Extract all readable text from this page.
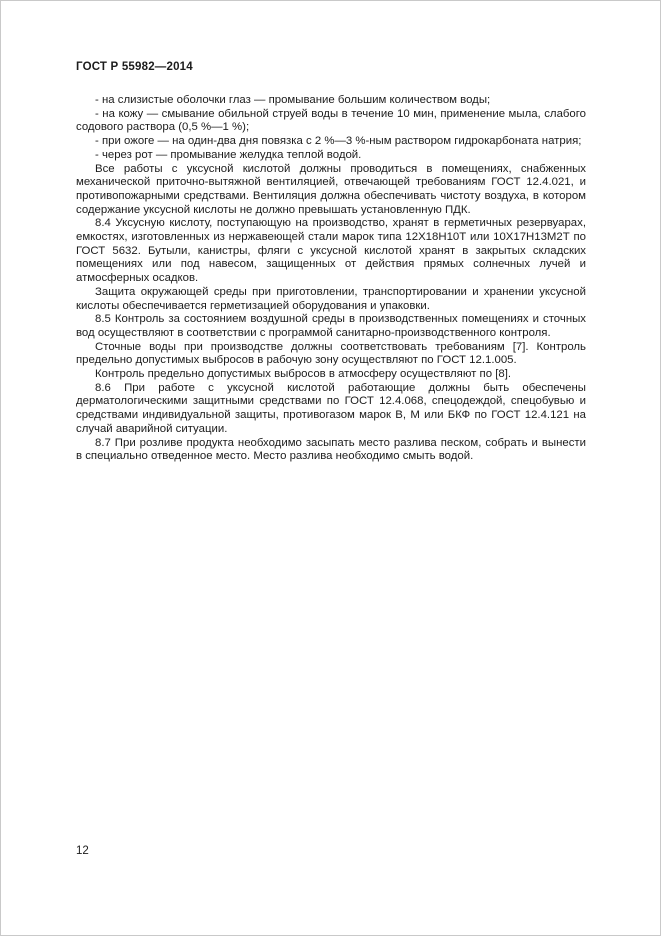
ГОСТ Р 55982—2014

- на слизистые оболочки глаз — промывание большим количеством воды;

- на кожу — смывание обильной струей воды в течение 10 мин, применение мыла, слабого содового раствора (0,5 %—1 %);

- при ожоге — на один-два дня повязка с 2 %—3 %-ным раствором гидрокарбоната натрия;

- через рот — промывание желудка теплой водой.

Все работы с уксусной кислотой должны проводиться в помещениях, снабженных механической приточно-вытяжной вентиляцией, отвечающей требованиям ГОСТ 12.4.021, и противопожарными средствами. Вентиляция должна обеспечивать чистоту воздуха, в котором содержание уксусной кислоты не должно превышать установленную ПДК.

8.4 Уксусную кислоту, поступающую на производство, хранят в герметичных резервуарах, емкостях, изготовленных из нержавеющей стали марок типа 12Х18Н10Т или 10Х17Н13М2Т по ГОСТ 5632. Бутыли, канистры, фляги с уксусной кислотой хранят в закрытых складских помещениях или под навесом, защищенных от действия прямых солнечных лучей и атмосферных осадков.

Защита окружающей среды при приготовлении, транспортировании и хранении уксусной кислоты обеспечивается герметизацией оборудования и упаковки.

8.5 Контроль за состоянием воздушной среды в производственных помещениях и сточных вод осуществляют в соответствии с программой санитарно-производственного контроля.

Сточные воды при производстве должны соответствовать требованиям [7]. Контроль предельно допустимых выбросов в рабочую зону осуществляют по ГОСТ 12.1.005.

Контроль предельно допустимых выбросов в атмосферу осуществляют по [8].

8.6 При работе с уксусной кислотой работающие должны быть обеспечены дерматологическими защитными средствами по ГОСТ 12.4.068, спецодеждой, спецобувью и средствами индивидуальной защиты, противогазом марок В, М или БКФ по ГОСТ 12.4.121 на случай аварийной ситуации.

8.7 При розливе продукта необходимо засыпать место разлива песком, собрать и вынести в специально отведенное место. Место разлива необходимо смыть водой.

12
